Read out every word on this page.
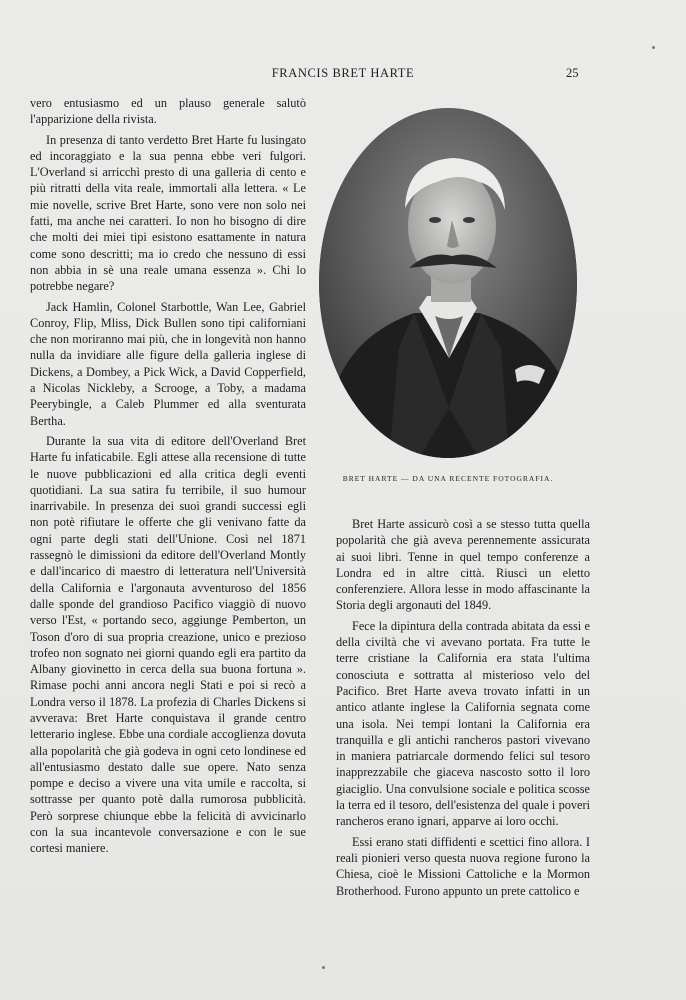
FRANCIS BRET HARTE	25

vero entusiasmo ed un plauso generale salutò l'apparizione della rivista.

In presenza di tanto verdetto Bret Harte fu lusingato ed incoraggiato e la sua penna ebbe veri fulgori. L'Overland si arricchì presto di una galleria di cento e più ritratti della vita reale, immortali alla lettera. « Le mie novelle, scrive Bret Harte, sono vere non solo nei fatti, ma anche nei caratteri. Io non ho bisogno di dire che molti dei miei tipi esistono esattamente in natura come sono descritti; ma io credo che nessuno di essi non abbia in sè una reale umana essenza ». Chi lo potrebbe negare?

Jack Hamlin, Colonel Starbottle, Wan Lee, Gabriel Conroy, Flip, Mliss, Dick Bullen sono tipi californiani che non moriranno mai più, che in longevità non hanno nulla da invidiare alle figure della galleria inglese di Dickens, a Dombey, a Pick Wick, a David Copperfield, a Nicolas Nickleby, a Scrooge, a Toby, a madama Peerybingle, a Caleb Plummer ed alla sventurata Bertha.

Durante la sua vita di editore dell'Overland Bret Harte fu infaticabile. Egli attese alla recensione di tutte le nuove pubblicazioni ed alla critica degli eventi quotidiani. La sua satira fu terribile, il suo humour inarrivabile. In presenza dei suoi grandi successi egli non potè rifiutare le offerte che gli venivano fatte da ogni parte degli stati dell'Unione. Così nel 1871 rassegnò le dimissioni da editore dell'Overland Montly e dall'incarico di maestro di letteratura nell'Università della California e l'argonauta avventuroso del 1856 dalle sponde del grandioso Pacifico viaggiò di nuovo verso l'Est, « portando seco, aggiunge Pemberton, un Toson d'oro di sua propria creazione, unico e prezioso trofeo non sognato nei giorni quando egli era partito da Albany giovinetto in cerca della sua buona fortuna ». Rimase pochi anni ancora negli Stati e poi si recò a Londra verso il 1878. La profezia di Charles Dickens si avverava: Bret Harte conquistava il grande centro letterario inglese. Ebbe una cordiale accoglienza dovuta alla popolarità che già godeva in ogni ceto londinese ed all'entusiasmo destato dalle sue opere. Nato senza pompe e deciso a vivere una vita umile e raccolta, si sottrasse per quanto potè dalla rumorosa pubblicità. Però sorprese chiunque ebbe la felicità di avvicinarlo con la sua incantevole conversazione e con le sue cortesi maniere.

BRET HARTE — DA UNA RECENTE FOTOGRAFIA.

Bret Harte assicurò così a se stesso tutta quella popolarità che già aveva perennemente assicurata ai suoi libri. Tenne in quel tempo conferenze a Londra ed in altre città. Riuscì un eletto conferenziere. Allora lesse in modo affascinante la Storia degli argonauti del 1849.

Fece la dipintura della contrada abitata da essi e della civiltà che vi avevano portata. Fra tutte le terre cristiane la California era stata l'ultima conosciuta e sottratta al misterioso velo del Pacifico. Bret Harte aveva trovato infatti in un antico atlante inglese la California segnata come una isola. Nei tempi lontani la California era tranquilla e gli antichi rancheros pastori vivevano in maniera patriarcale dormendo felici sul tesoro inapprezzabile che giaceva nascosto sotto il loro giaciglio. Una convulsione sociale e politica scosse la terra ed il tesoro, dell'esistenza del quale i poveri rancheros erano ignari, apparve ai loro occhi.

Essi erano stati diffidenti e scettici fino allora. I reali pionieri verso questa nuova regione furono la Chiesa, cioè le Missioni Cattoliche e la Mormon Brotherhood. Furono appunto un prete cattolico e
